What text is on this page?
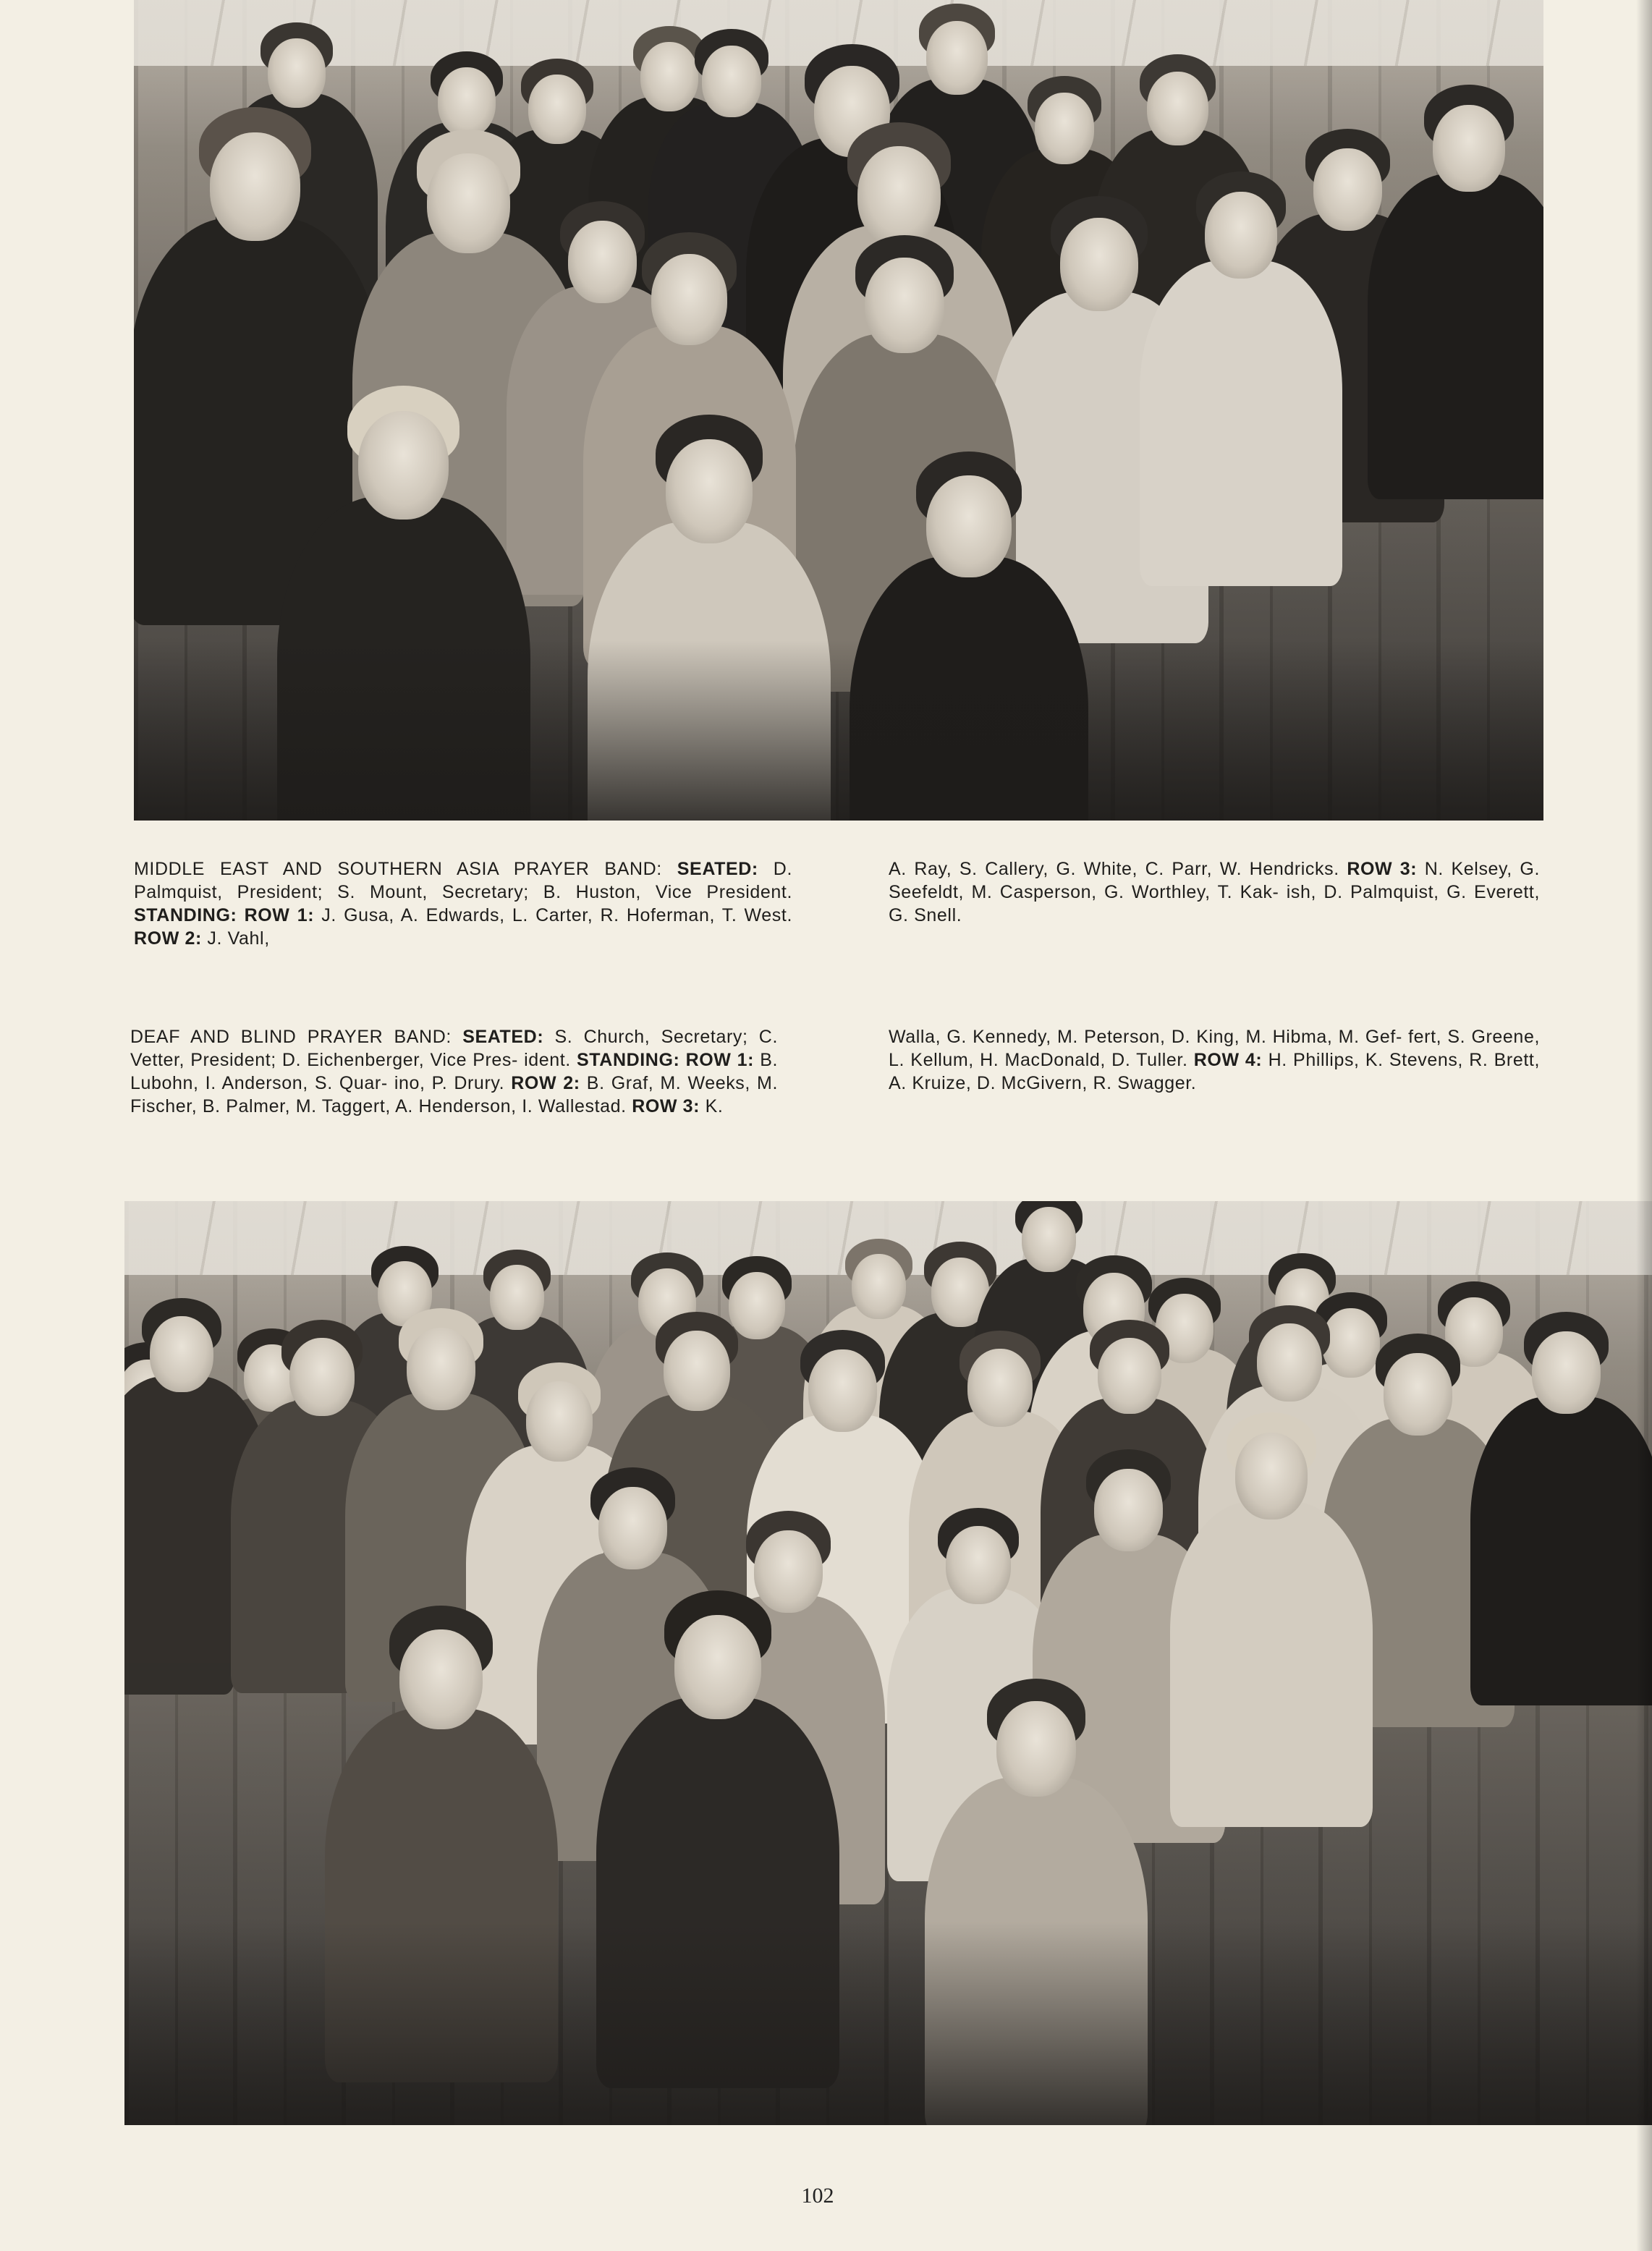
MIDDLE EAST AND SOUTHERN ASIA PRAYER BAND: SEATED: D. Palmquist, President; S. Mount, Secretary; B. Huston, Vice President. STANDING: ROW 1: J. Gusa, A. Edwards, L. Carter, R. Hoferman, T. West. ROW 2: J. Vahl,
A. Ray, S. Callery, G. White, C. Parr, W. Hendricks. ROW 3: N. Kelsey, G. Seefeldt, M. Casperson, G. Worthley, T. Kak- ish, D. Palmquist, G. Everett, G. Snell.
DEAF AND BLIND PRAYER BAND: SEATED: S. Church, Secretary; C. Vetter, President; D. Eichenberger, Vice Pres- ident. STANDING: ROW 1: B. Lubohn, I. Anderson, S. Quar- ino, P. Drury. ROW 2: B. Graf, M. Weeks, M. Fischer, B. Palmer, M. Taggert, A. Henderson, I. Wallestad. ROW 3: K.
Walla, G. Kennedy, M. Peterson, D. King, M. Hibma, M. Gef- fert, S. Greene, L. Kellum, H. MacDonald, D. Tuller. ROW 4: H. Phillips, K. Stevens, R. Brett, A. Kruize, D. McGivern, R. Swagger.
102
